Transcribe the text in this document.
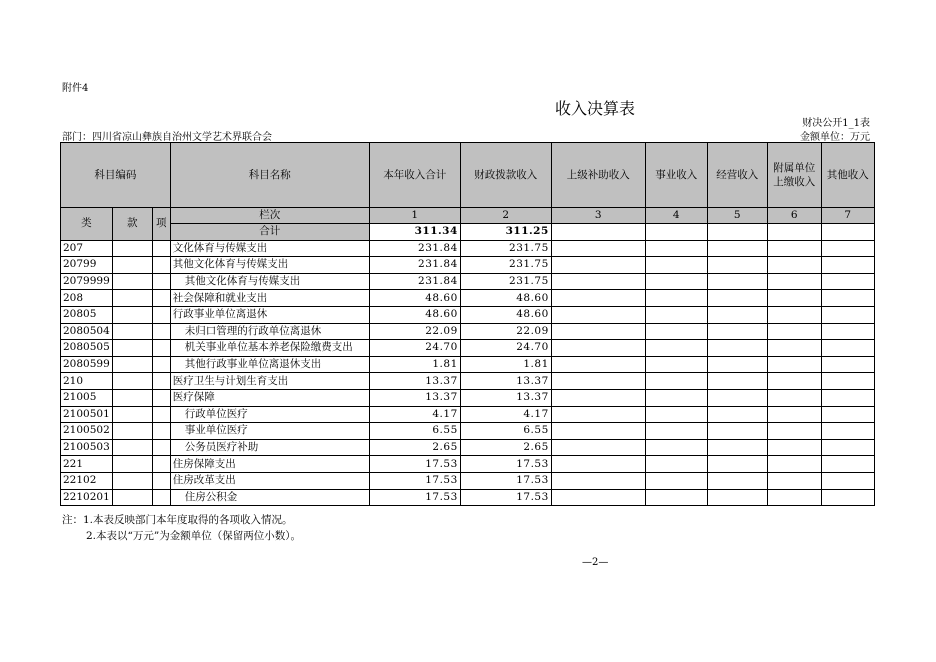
附件4
收入决算表
财决公开1_1表
金额单位：万元
部门：四川省凉山彝族自治州文学艺术界联合会
科目编码			科目名称	本年收入合计	财政拨款收入	上级补助收入	事业收入	经营收入	附属单位上缴收入	其他收入
类	款	项	栏次	1	2	3	4	5	6	7
			合计	311.34	311.25					
207			文化体育与传媒支出	231.84	231.75					
20799			其他文化体育与传媒支出	231.84	231.75					
2079999			其他文化体育与传媒支出	231.84	231.75					
208			社会保障和就业支出	48.60	48.60					
20805			行政事业单位离退休	48.60	48.60					
2080504			未归口管理的行政单位离退休	22.09	22.09					
2080505			机关事业单位基本养老保险缴费支出	24.70	24.70					
2080599			其他行政事业单位离退休支出	1.81	1.81					
210			医疗卫生与计划生育支出	13.37	13.37					
21005			医疗保障	13.37	13.37					
2100501			行政单位医疗	4.17	4.17					
2100502			事业单位医疗	6.55	6.55					
2100503			公务员医疗补助	2.65	2.65					
221			住房保障支出	17.53	17.53					
22102			住房改革支出	17.53	17.53					
2210201			住房公积金	17.53	17.53					
注：1.本表反映部门本年度取得的各项收入情况。
2.本表以“万元”为金额单位（保留两位小数）。
—2—
